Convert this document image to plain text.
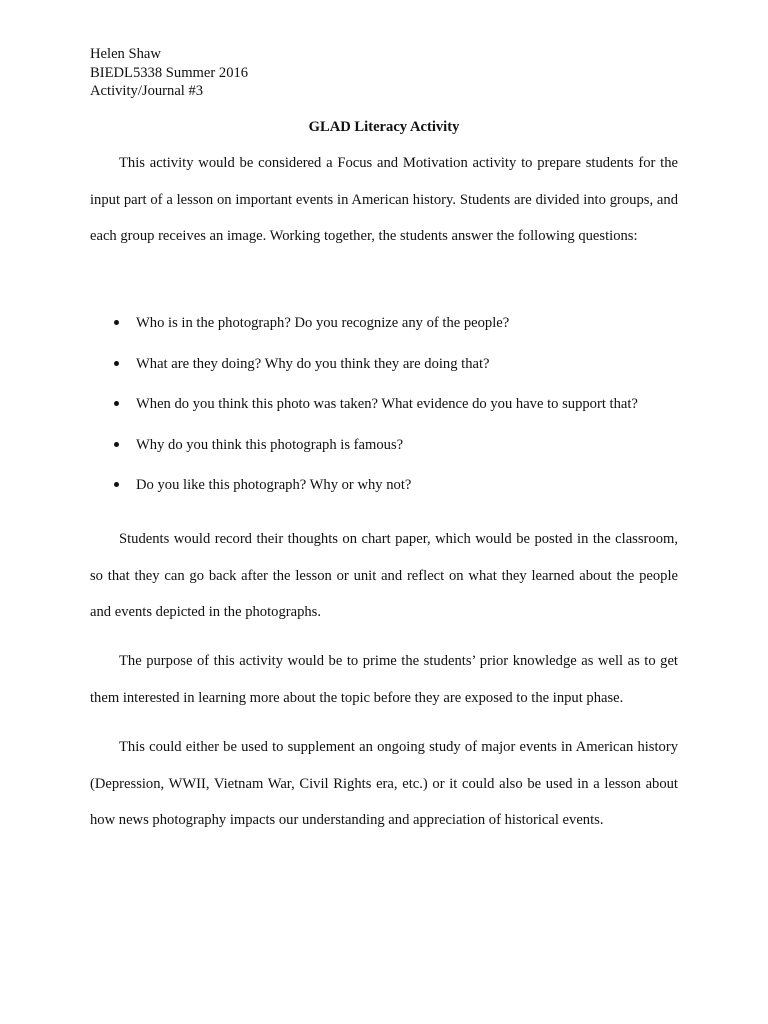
Helen Shaw
BIEDL5338 Summer 2016
Activity/Journal #3
GLAD Literacy Activity

This activity would be considered a Focus and Motivation activity to prepare students for the input part of a lesson on important events in American history. Students are divided into groups, and each group receives an image. Working together, the students answer the following questions:

Who is in the photograph? Do you recognize any of the people?
What are they doing? Why do you think they are doing that?
When do you think this photo was taken? What evidence do you have to support that?
Why do you think this photograph is famous?
Do you like this photograph? Why or why not?

Students would record their thoughts on chart paper, which would be posted in the classroom, so that they can go back after the lesson or unit and reflect on what they learned about the people and events depicted in the photographs.

The purpose of this activity would be to prime the students’ prior knowledge as well as to get them interested in learning more about the topic before they are exposed to the input phase.

This could either be used to supplement an ongoing study of major events in American history (Depression, WWII, Vietnam War, Civil Rights era, etc.) or it could also be used in a lesson about how news photography impacts our understanding and appreciation of historical events.
